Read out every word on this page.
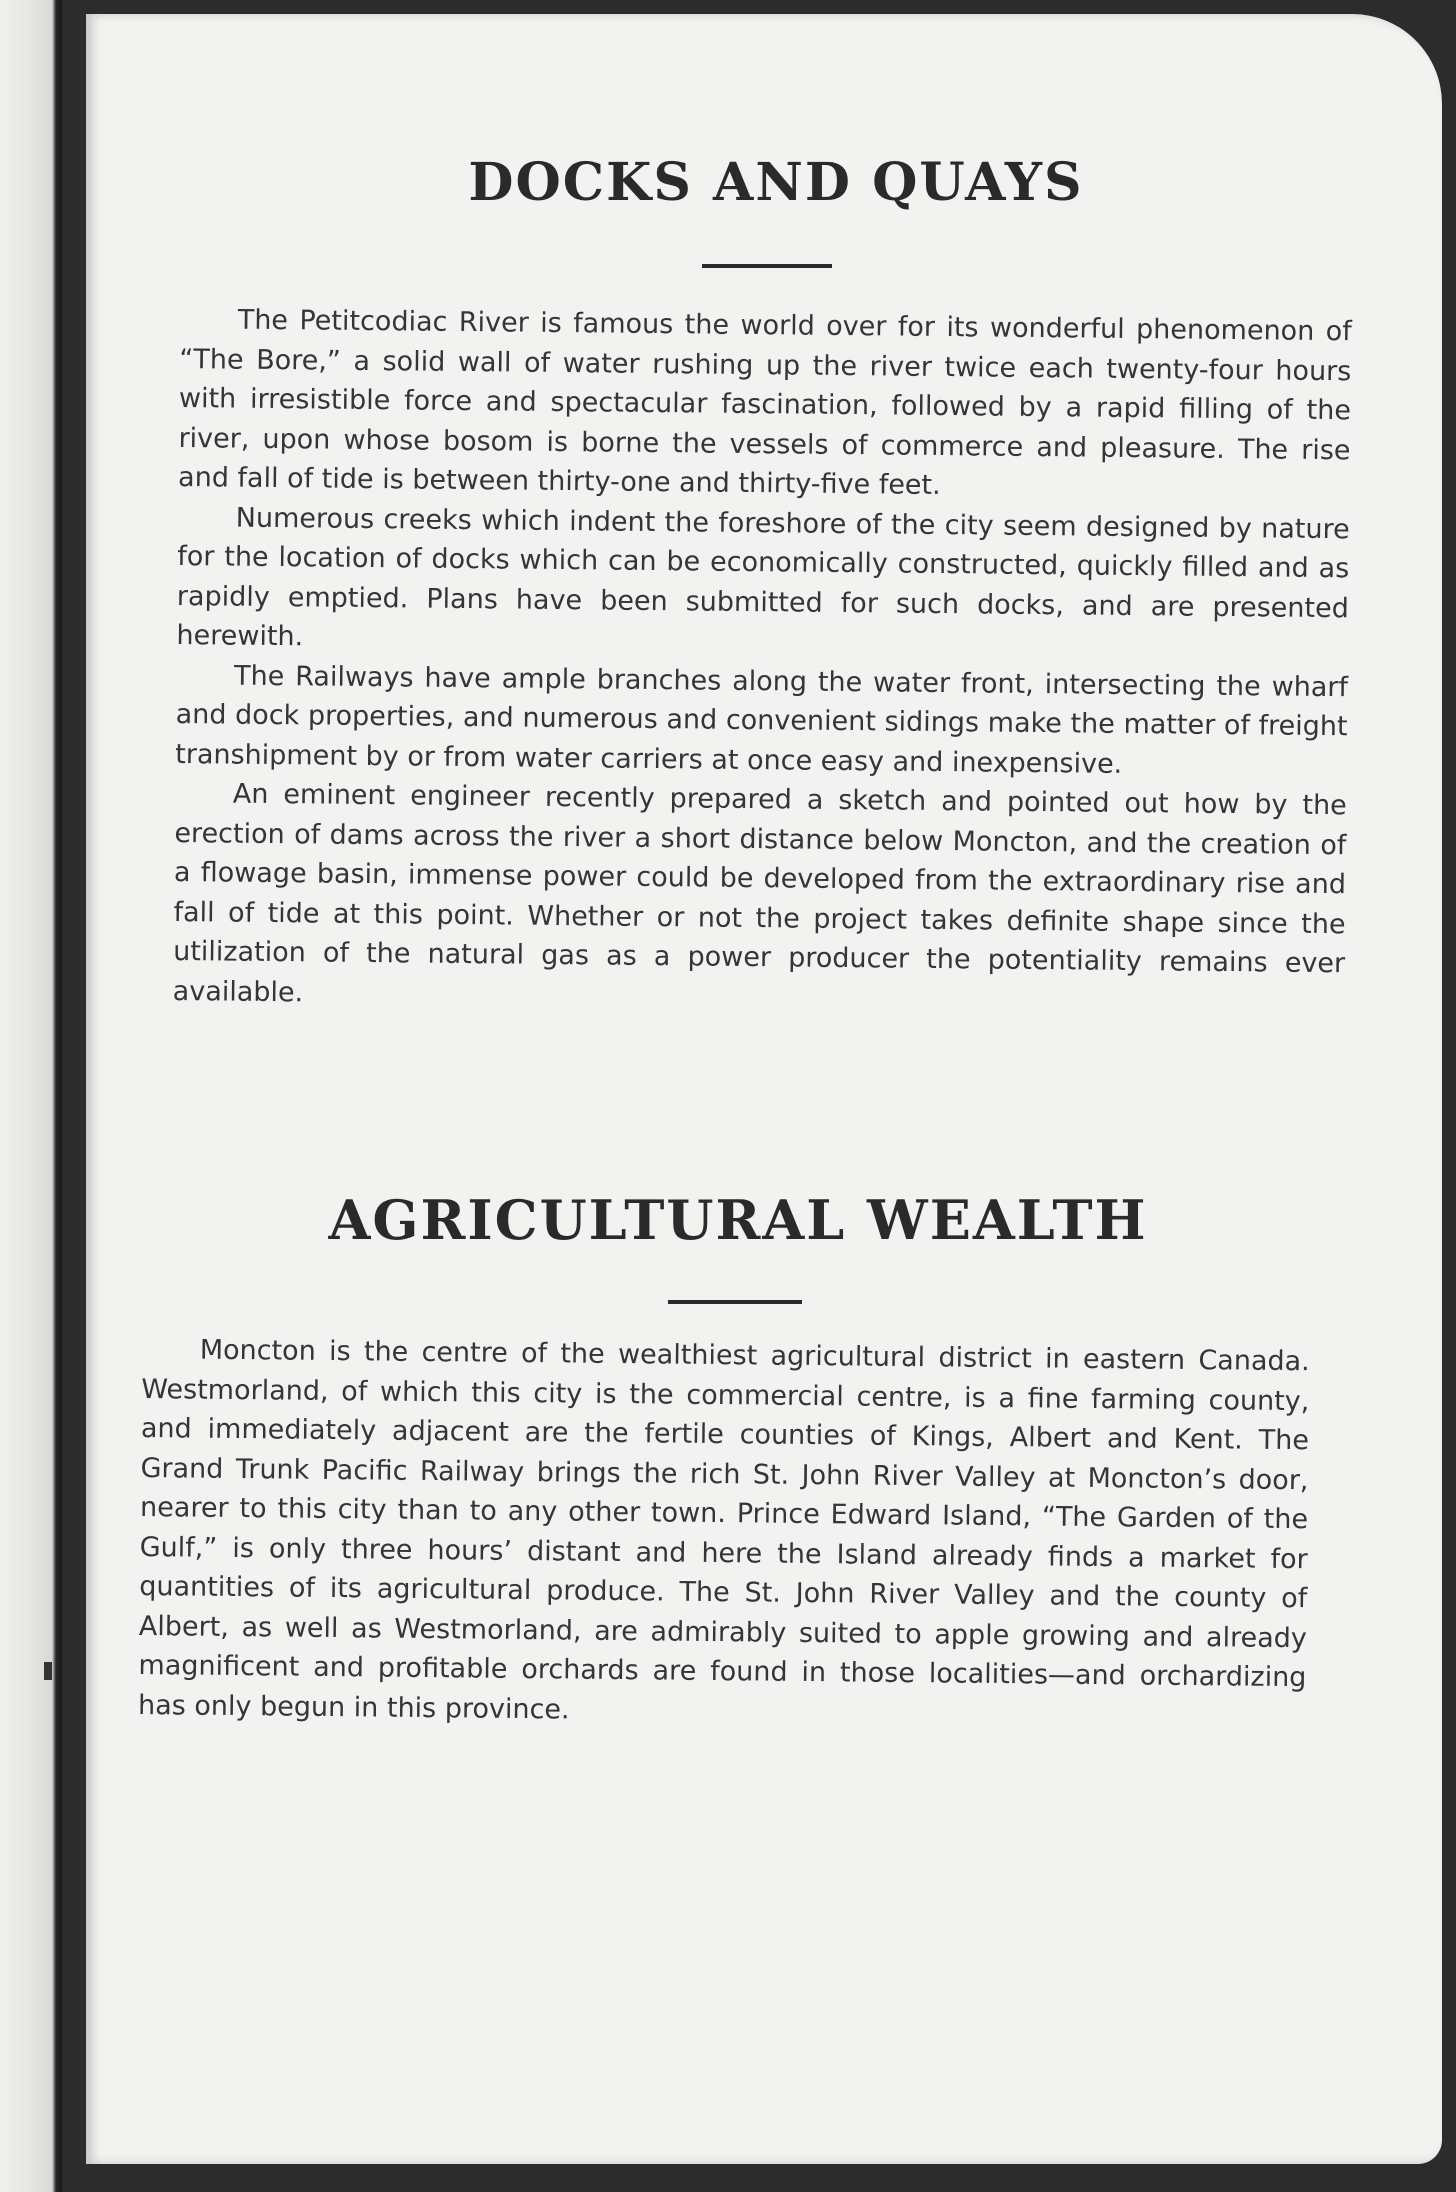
DOCKS AND QUAYS

The Petitcodiac River is famous the world over for its wonderful phenomenon of “The Bore,” a solid wall of water rushing up the river twice each twenty-four hours with irresistible force and spectacular fascination, followed by a rapid filling of the river, upon whose bosom is borne the vessels of commerce and pleasure. The rise and fall of tide is between thirty-one and thirty-five feet.

Numerous creeks which indent the foreshore of the city seem designed by nature for the location of docks which can be economically constructed, quickly filled and as rapidly emptied. Plans have been submitted for such docks, and are presented herewith.

The Railways have ample branches along the water front, intersecting the wharf and dock properties, and numerous and convenient sidings make the matter of freight transhipment by or from water carriers at once easy and inexpensive.

An eminent engineer recently prepared a sketch and pointed out how by the erection of dams across the river a short distance below Moncton, and the creation of a flowage basin, immense power could be developed from the extraordinary rise and fall of tide at this point. Whether or not the project takes definite shape since the utilization of the natural gas as a power producer the potentiality remains ever available.

AGRICULTURAL WEALTH

Moncton is the centre of the wealthiest agricultural district in eastern Canada. Westmorland, of which this city is the commercial centre, is a fine farming county, and immediately adjacent are the fertile counties of Kings, Albert and Kent. The Grand Trunk Pacific Railway brings the rich St. John River Valley at Moncton’s door, nearer to this city than to any other town. Prince Edward Island, “The Garden of the Gulf,” is only three hours’ distant and here the Island already finds a market for quantities of its agricultural produce. The St. John River Valley and the county of Albert, as well as Westmorland, are admirably suited to apple growing and already magnificent and profitable orchards are found in those localities—and orchardizing has only begun in this province.
